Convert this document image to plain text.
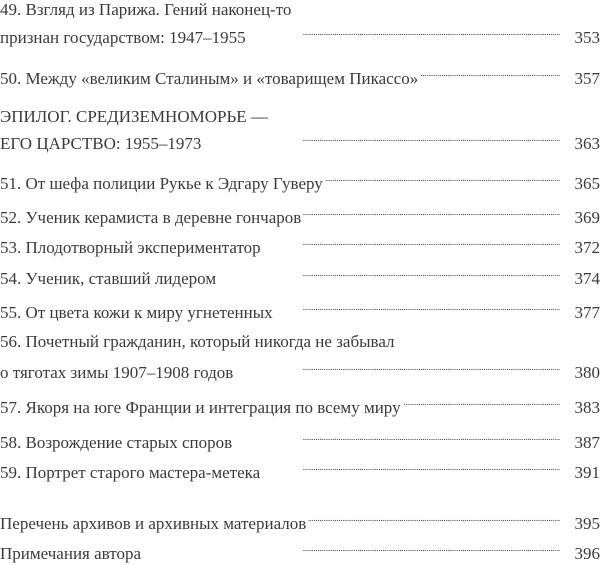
49. Взгляд из Парижа. Гений наконец-то
признан государством: 1947–1955 . . .	353
50. Между «великим Сталиным» и «товарищем Пикассо» . . .	357
ЭПИЛОГ. СРЕДИЗЕМНОМОРЬЕ —
ЕГО ЦАРСТВО: 1955–1973 . . .	363
51. От шефа полиции Рукье к Эдгару Гуверу . . .	365
52. Ученик керамиста в деревне гончаров . . .	369
53. Плодотворный экспериментатор . . .	372
54. Ученик, ставший лидером . . .	374
55. От цвета кожи к миру угнетенных . . .	377
56. Почетный гражданин, который никогда не забывал
о тяготах зимы 1907–1908 годов . . .	380
57. Якоря на юге Франции и интеграция по всему миру . . .	383
58. Возрождение старых споров . . .	387
59. Портрет старого мастера-метека . . .	391
Перечень архивов и архивных материалов . . .	395
Примечания автора . . .	396
